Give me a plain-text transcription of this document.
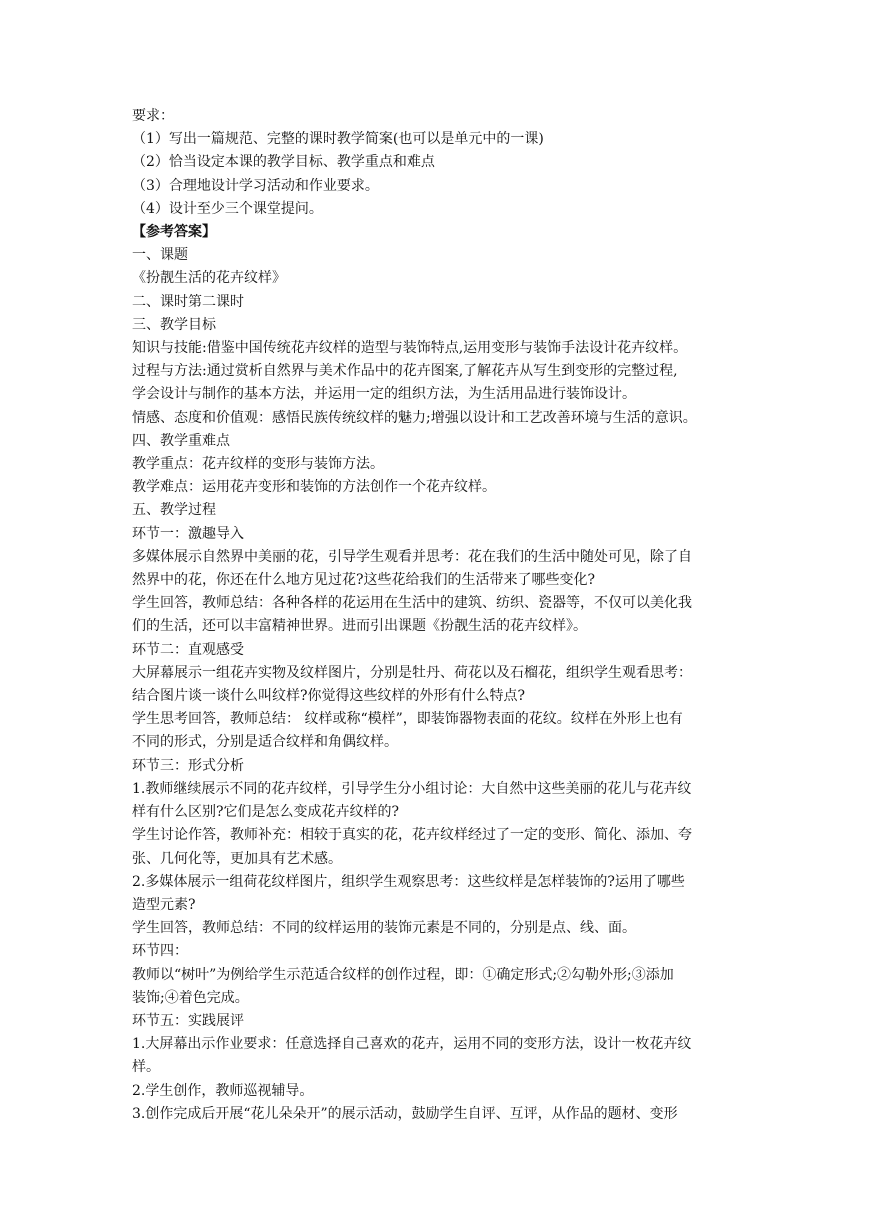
要求：

（1）写出一篇规范、完整的课时教学简案(也可以是单元中的一课)

（2）恰当设定本课的教学目标、教学重点和难点

（3）合理地设计学习活动和作业要求。

（4）设计至少三个课堂提问。

【参考答案】

一、课题

《扮靓生活的花卉纹样》

二、课时第二课时

三、教学目标

知识与技能:借鉴中国传统花卉纹样的造型与装饰特点,运用变形与装饰手法设计花卉纹样。

过程与方法:通过赏析自然界与美术作品中的花卉图案,了解花卉从写生到变形的完整过程,

学会设计与制作的基本方法，并运用一定的组织方法，为生活用品进行装饰设计。

情感、态度和价值观：感悟民族传统纹样的魅力;增强以设计和工艺改善环境与生活的意识。

四、教学重难点

教学重点：花卉纹样的变形与装饰方法。

教学难点：运用花卉变形和装饰的方法创作一个花卉纹样。

五、教学过程

环节一：激趣导入

多媒体展示自然界中美丽的花，引导学生观看并思考：花在我们的生活中随处可见，除了自

然界中的花，你还在什么地方见过花?这些花给我们的生活带来了哪些变化?

学生回答，教师总结：各种各样的花运用在生活中的建筑、纺织、瓷器等，不仅可以美化我

们的生活，还可以丰富精神世界。进而引出课题《扮靓生活的花卉纹样》。

环节二：直观感受

大屏幕展示一组花卉实物及纹样图片，分别是牡丹、荷花以及石榴花，组织学生观看思考：

结合图片谈一谈什么叫纹样?你觉得这些纹样的外形有什么特点?

学生思考回答，教师总结： 纹样或称“模样”，即装饰器物表面的花纹。纹样在外形上也有

不同的形式，分别是适合纹样和角偶纹样。

环节三：形式分析

1.教师继续展示不同的花卉纹样，引导学生分小组讨论：大自然中这些美丽的花儿与花卉纹

样有什么区别?它们是怎么变成花卉纹样的?

学生讨论作答，教师补充：相较于真实的花，花卉纹样经过了一定的变形、简化、添加、夸

张、几何化等，更加具有艺术感。

2.多媒体展示一组荷花纹样图片，组织学生观察思考：这些纹样是怎样装饰的?运用了哪些

造型元素?

学生回答，教师总结：不同的纹样运用的装饰元素是不同的，分别是点、线、面。

环节四：

教师以“树叶”为例给学生示范适合纹样的创作过程，即：①确定形式;②勾勒外形;③添加

装饰;④着色完成。

环节五：实践展评

1.大屏幕出示作业要求：任意选择自己喜欢的花卉，运用不同的变形方法，设计一枚花卉纹

样。

2.学生创作，教师巡视辅导。

3.创作完成后开展“花儿朵朵开”的展示活动，鼓励学生自评、互评，从作品的题材、变形
